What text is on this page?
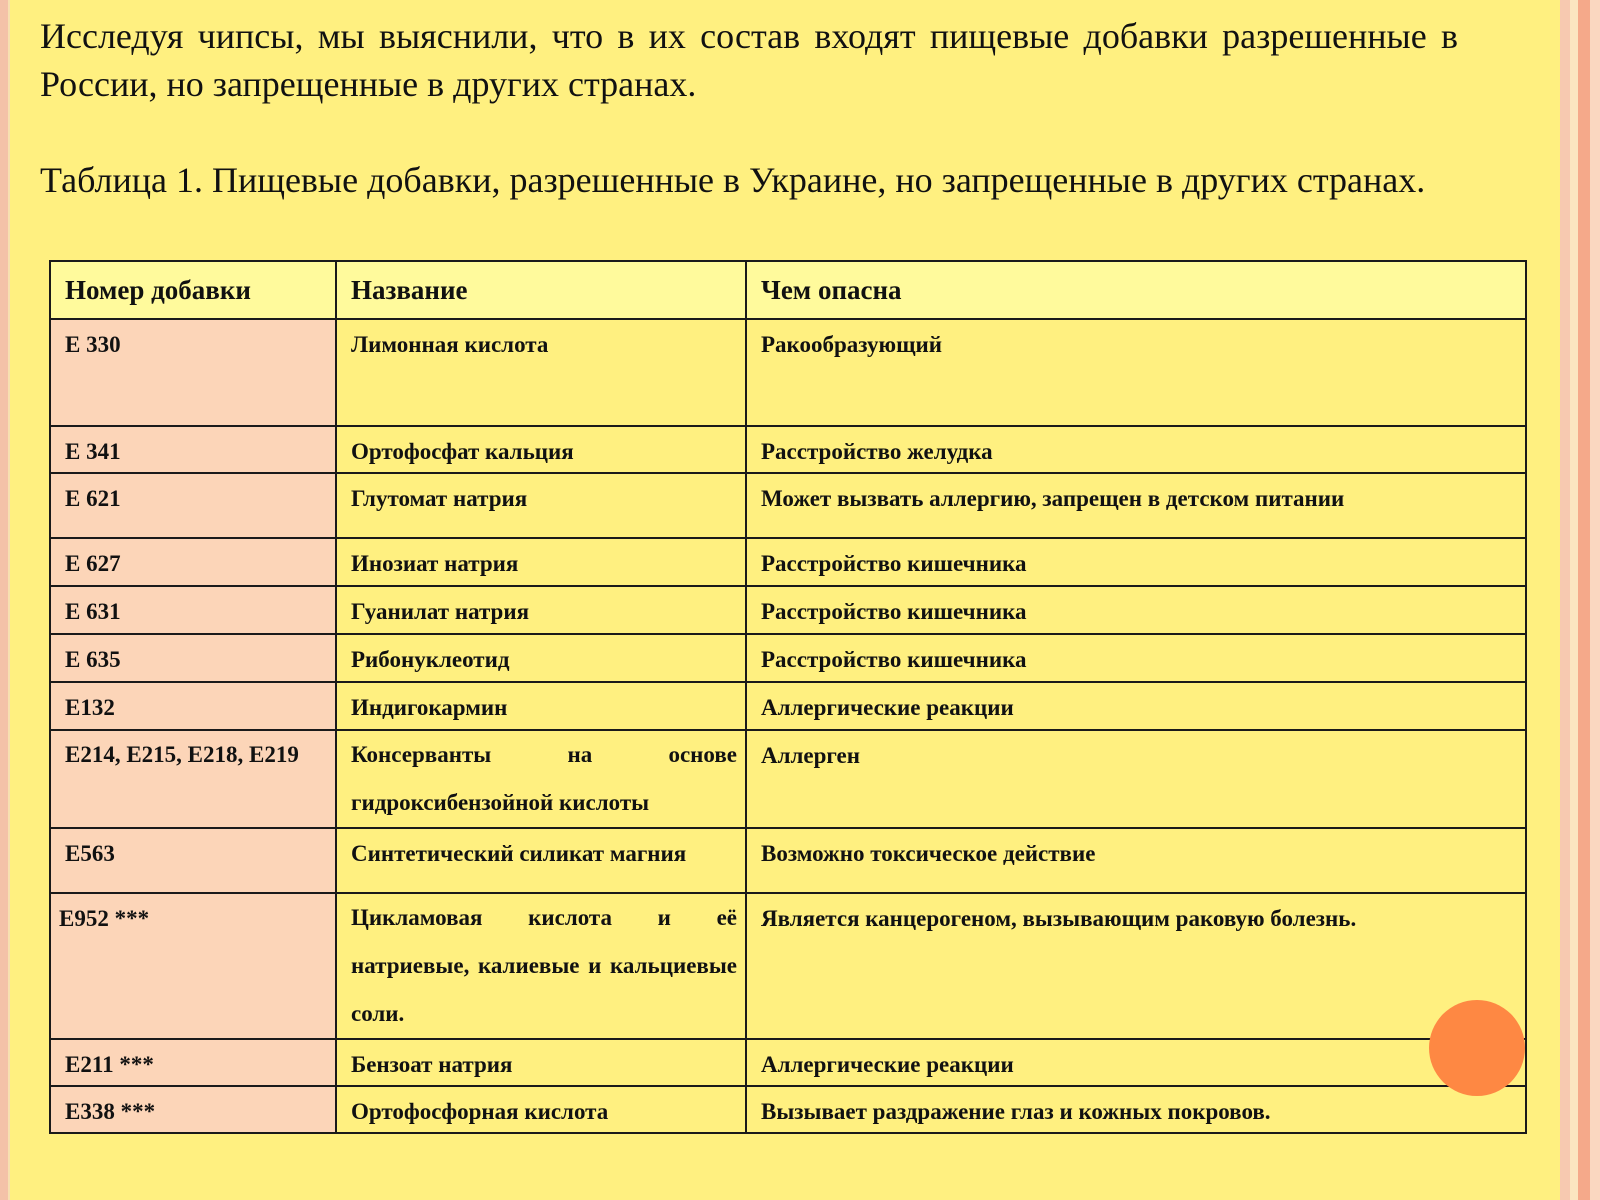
Исследуя чипсы, мы выяснили, что в их состав входят пищевые добавки разрешенные в России, но запрещенные в других странах.

Таблица 1. Пищевые добавки, разрешенные в Украине, но запрещенные в других странах.

Номер добавки	Название	Чем опасна
E 330	Лимонная кислота	Ракообразующий
E 341	Ортофосфат кальция	Расстройство желудка
E 621	Глутомат натрия	Может вызвать аллергию, запрещен в детском питании
E 627	Инозиат натрия	Расстройство кишечника
E 631	Гуанилат натрия	Расстройство кишечника
E 635	Рибонуклеотид	Расстройство кишечника
E132	Индигокармин	Аллергические реакции
E214, E215, E218, E219	Консерванты на основе гидроксибензойной кислоты	Аллерген
E563	Синтетический силикат магния	Возможно токсическое действие
E952 ***	Цикламовая кислота и её натриевые, калиевые и кальциевые соли.	Является канцерогеном, вызывающим раковую болезнь.
E211 ***	Бензоат натрия	Аллергические реакции
E338 ***	Ортофосфорная кислота	Вызывает раздражение глаз и кожных покровов.
